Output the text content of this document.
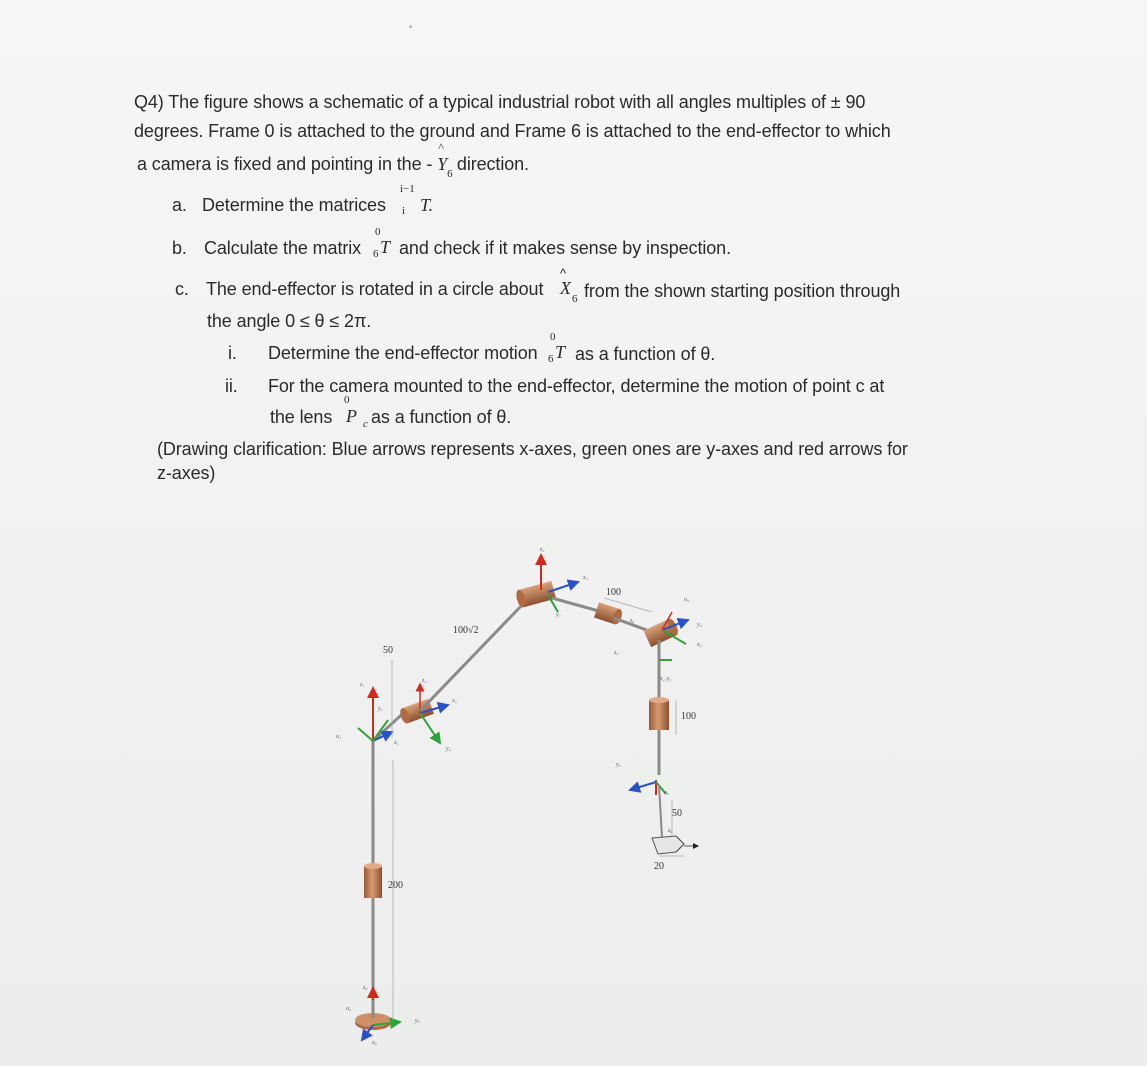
•
Q4) The figure shows a schematic of a typical industrial robot with all angles multiples of ± 90
degrees. Frame 0 is attached to the ground and Frame 6 is attached to the end-effector to which
a camera is fixed and pointing in the -
^
$Y_6$ direction.
a. Determine the matrices
i−1
i T.
b. Calculate the matrix
0
6 T and check if it makes sense by inspection.
c. The end-effector is rotated in a circle about
^
X
6 from the shown starting position through
the angle 0 ≤ θ ≤ 2π.
i. Determine the end-effector motion
0
6 T as a function of θ.
ii. For the camera mounted to the end-effector, determine the motion of point c at
the lens
0
P c as a function of θ.
(Drawing clarification: Blue arrows represents x-axes, green ones are y-axes and red arrows for
z-axes)
o₁
z₁
y₁
x₁
z₂
x₂
y₂
z₃
x₃
y₃
z₆
z₅
o₅
y₄
x₄
x₄ y₅
y₆
o₆
z₆
z₀
o₀
y₀
x₀
50
200
100√2
100
100
50
20
